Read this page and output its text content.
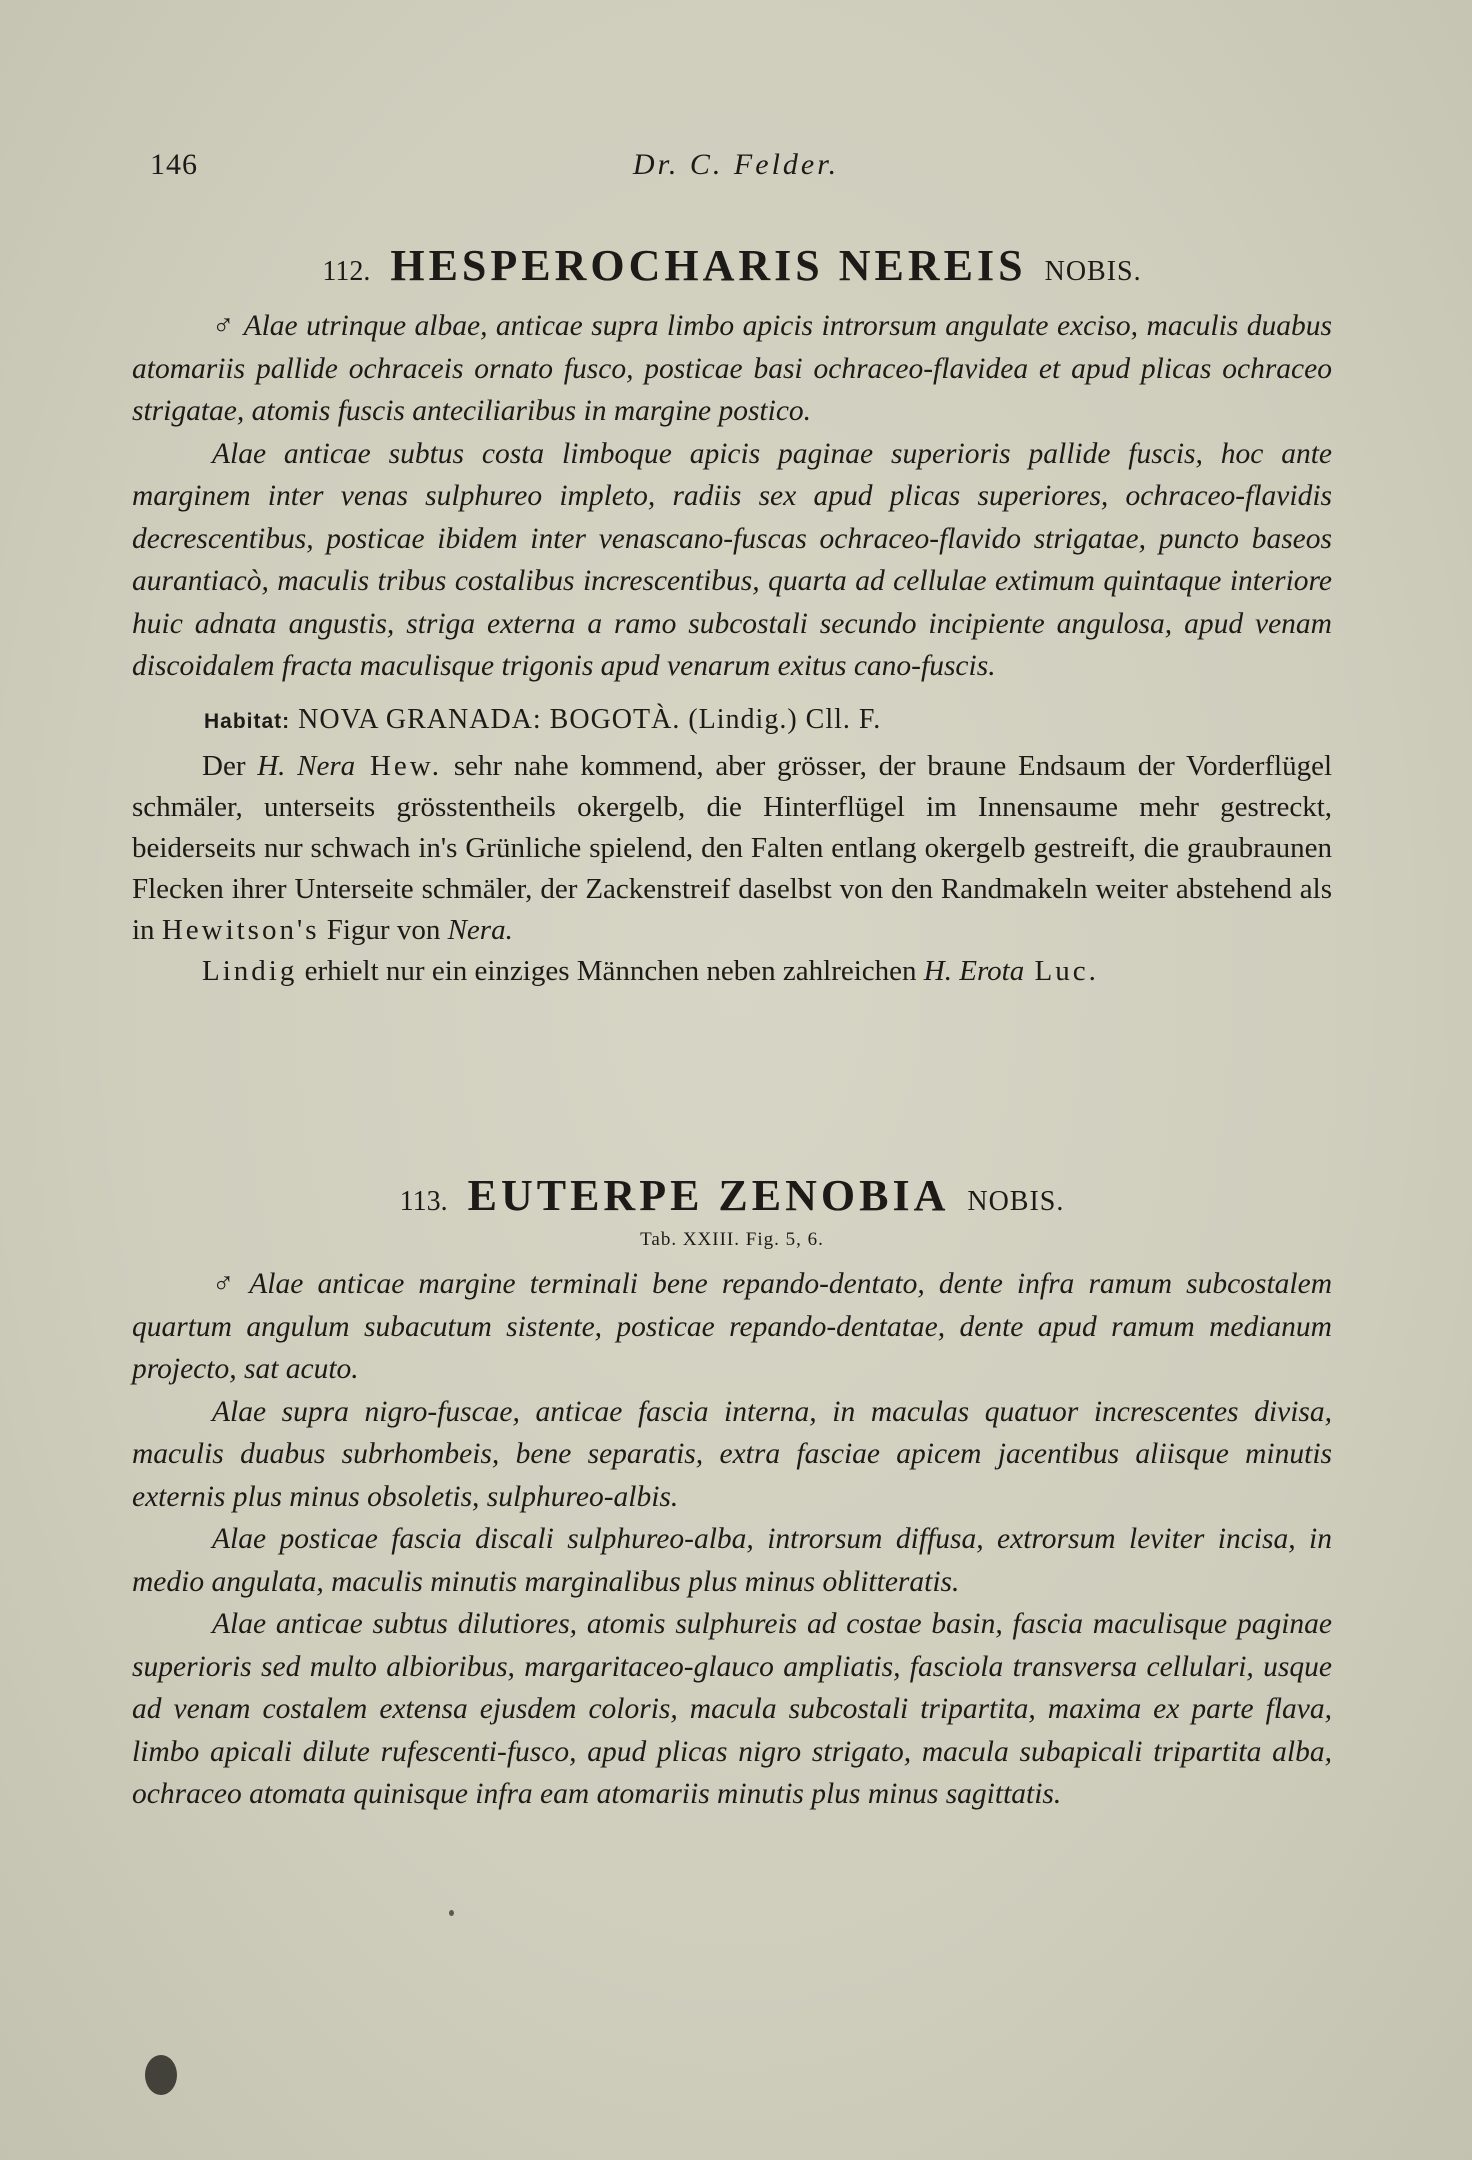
146	Dr. C. Felder.
112. HESPEROCHARIS NEREIS NOBIS.

♂ Alae utrinque albae, anticae supra limbo apicis introrsum angulate exciso, maculis duabus atomariis pallide ochraceis ornato fusco, posticae basi ochraceo-flavidea et apud plicas ochraceo strigatae, atomis fuscis anteciliaribus in margine postico.

Alae anticae subtus costa limboque apicis paginae superioris pallide fuscis, hoc ante marginem inter venas sulphureo impleto, radiis sex apud plicas superiores, ochraceo-flavidis decrescentibus, posticae ibidem inter venascano-fuscas ochraceo-flavido strigatae, puncto baseos aurantiacò, maculis tribus costalibus increscentibus, quarta ad cellulae extimum quintaque interiore huic adnata angustis, striga externa a ramo subcostali secundo incipiente angulosa, apud venam discoidalem fracta maculisque trigonis apud venarum exitus cano-fuscis.

Habitat: NOVA GRANADA: BOGOTÀ. (Lindig.) Cll. F.

Der H. Nera Hew. sehr nahe kommend, aber grösser, der braune Endsaum der Vorderflügel schmäler, unterseits grösstentheils okergelb, die Hinterflügel im Innensaume mehr gestreckt, beiderseits nur schwach in's Grünliche spielend, den Falten entlang okergelb gestreift, die graubraunen Flecken ihrer Unterseite schmäler, der Zackenstreif daselbst von den Randmakeln weiter abstehend als in Hewitson's Figur von Nera.

Lindig erhielt nur ein einziges Männchen neben zahlreichen H. Erota Luc.

113. EUTERPE ZENOBIA NOBIS.
Tab. XXIII. Fig. 5, 6.

♂ Alae anticae margine terminali bene repando-dentato, dente infra ramum subcostalem quartum angulum subacutum sistente, posticae repando-dentatae, dente apud ramum medianum projecto, sat acuto.

Alae supra nigro-fuscae, anticae fascia interna, in maculas quatuor increscentes divisa, maculis duabus subrhombeis, bene separatis, extra fasciae apicem jacentibus aliisque minutis externis plus minus obsoletis, sulphureo-albis.

Alae posticae fascia discali sulphureo-alba, introrsum diffusa, extrorsum leviter incisa, in medio angulata, maculis minutis marginalibus plus minus oblitteratis.

Alae anticae subtus dilutiores, atomis sulphureis ad costae basin, fascia maculisque paginae superioris sed multo albioribus, margaritaceo-glauco ampliatis, fasciola transversa cellulari, usque ad venam costalem extensa ejusdem coloris, macula subcostali tripartita, maxima ex parte flava, limbo apicali dilute rufescenti-fusco, apud plicas nigro strigato, macula subapicali tripartita alba, ochraceo atomata quinisque infra eam atomariis minutis plus minus sagittatis.
